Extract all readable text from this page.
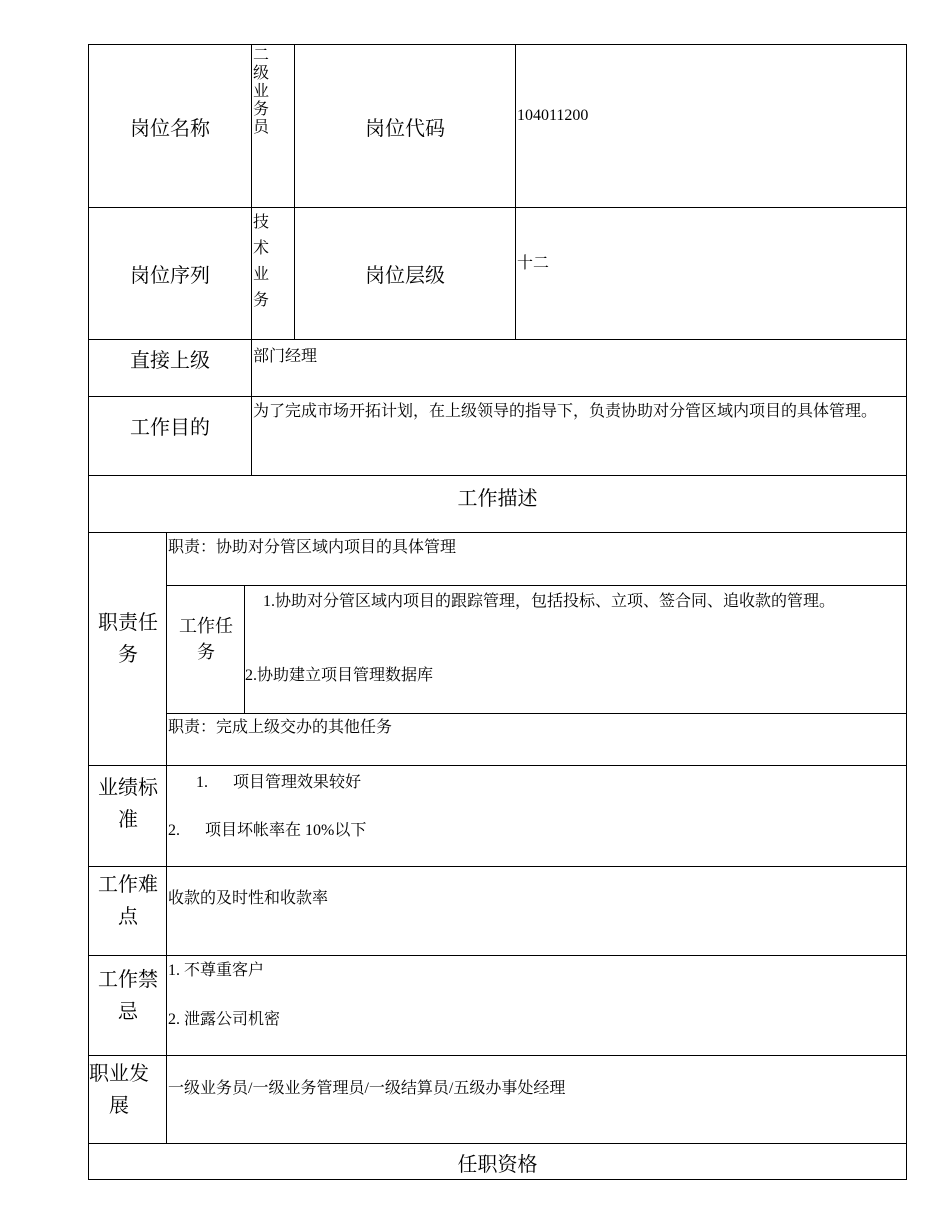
岗位名称
二级业务员	岗位代码
104011200
岗位序列
技术业务
岗位层级
十二
直接上级	部门经理
工作目的
为了完成市场开拓计划，在上级领导的指导下，负责协助对分管区域内项目的具体管理。
工作描述
职责任务
职责：协助对分管区域内项目的具体管理
工作任务
1.协助对分管区域内项目的跟踪管理，包括投标、立项、签合同、追收款的管理。
2.协助建立项目管理数据库
职责：完成上级交办的其他任务
业绩标准
1. 项目管理效果较好
2. 项目坏帐率在 10%以下
工作难点
收款的及时性和收款率
工作禁忌
1. 不尊重客户
2. 泄露公司机密
职业发展
一级业务员/一级业务管理员/一级结算员/五级办事处经理
任职资格
